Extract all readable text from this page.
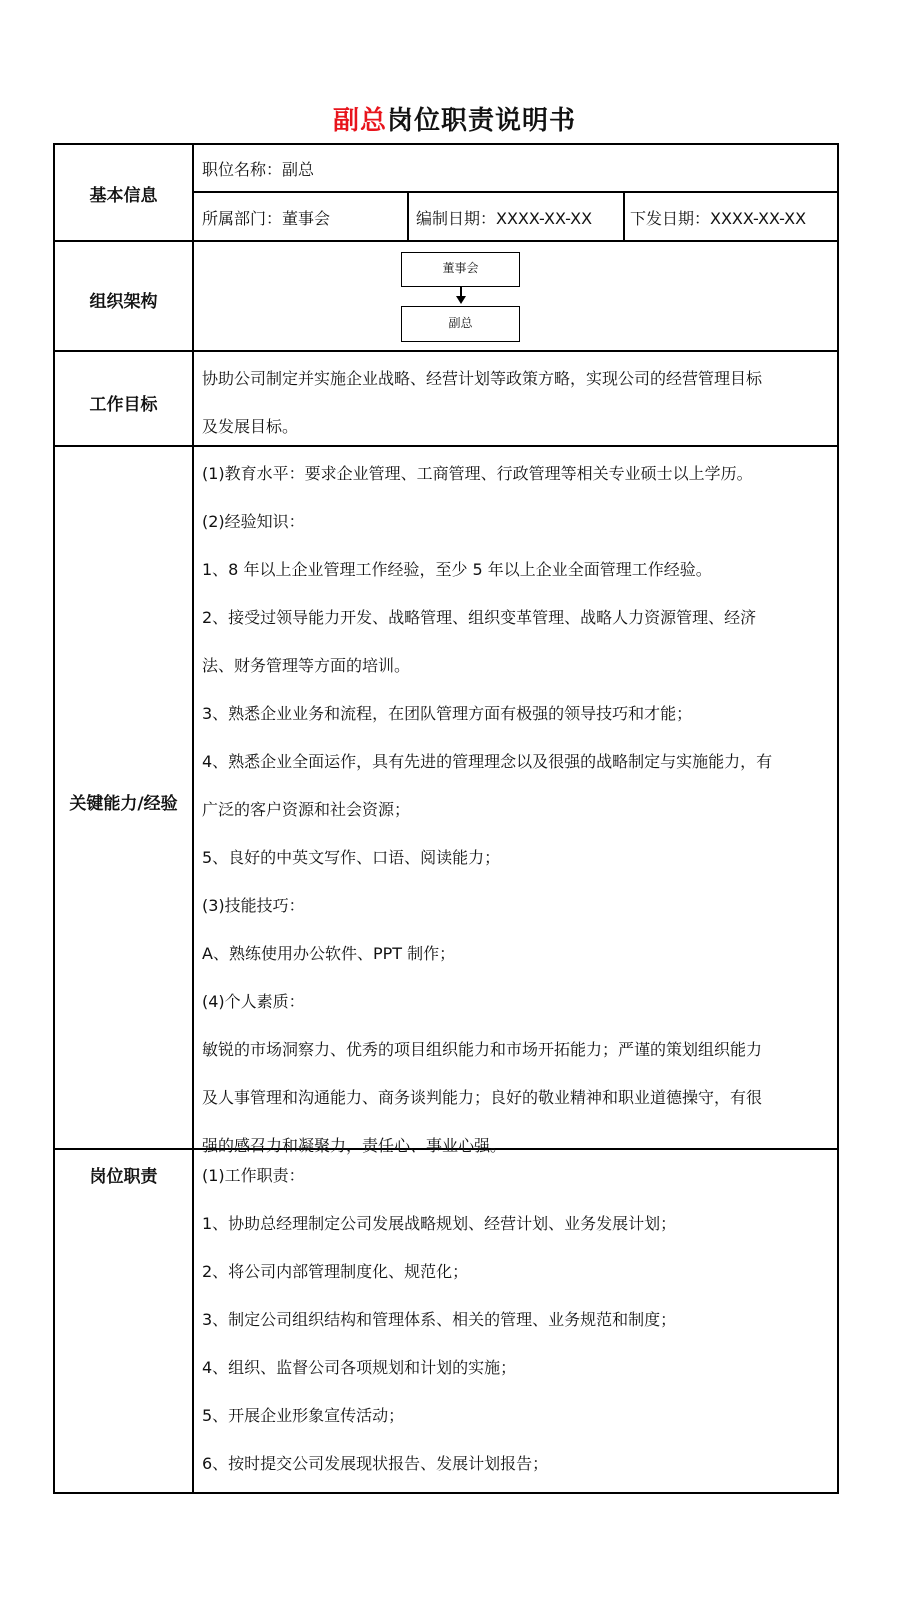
副总岗位职责说明书
基本信息
职位名称：副总
所属部门：董事会	编制日期：XXXX-XX-XX 下发日期：XXXX-XX-XX
组织架构
董事会
副总
工作目标

协助公司制定并实施企业战略、经营计划等政策方略，实现公司的经营管理目标

及发展目标。

关键能力/经验

(1)教育水平：要求企业管理、工商管理、行政管理等相关专业硕士以上学历。

(2)经验知识：

1、8 年以上企业管理工作经验，至少 5 年以上企业全面管理工作经验。

2、接受过领导能力开发、战略管理、组织变革管理、战略人力资源管理、经济

法、财务管理等方面的培训。

3、熟悉企业业务和流程，在团队管理方面有极强的领导技巧和才能；

4、熟悉企业全面运作，具有先进的管理理念以及很强的战略制定与实施能力，有

广泛的客户资源和社会资源；

5、良好的中英文写作、口语、阅读能力；

(3)技能技巧：

A、熟练使用办公软件、PPT 制作；

(4)个人素质：

敏锐的市场洞察力、优秀的项目组织能力和市场开拓能力；严谨的策划组织能力

及人事管理和沟通能力、商务谈判能力；良好的敬业精神和职业道德操守，有很

强的感召力和凝聚力，责任心、事业心强。

岗位职责	(1)工作职责：

1、协助总经理制定公司发展战略规划、经营计划、业务发展计划；

2、将公司内部管理制度化、规范化；

3、制定公司组织结构和管理体系、相关的管理、业务规范和制度；

4、组织、监督公司各项规划和计划的实施；

5、开展企业形象宣传活动；

6、按时提交公司发展现状报告、发展计划报告；
